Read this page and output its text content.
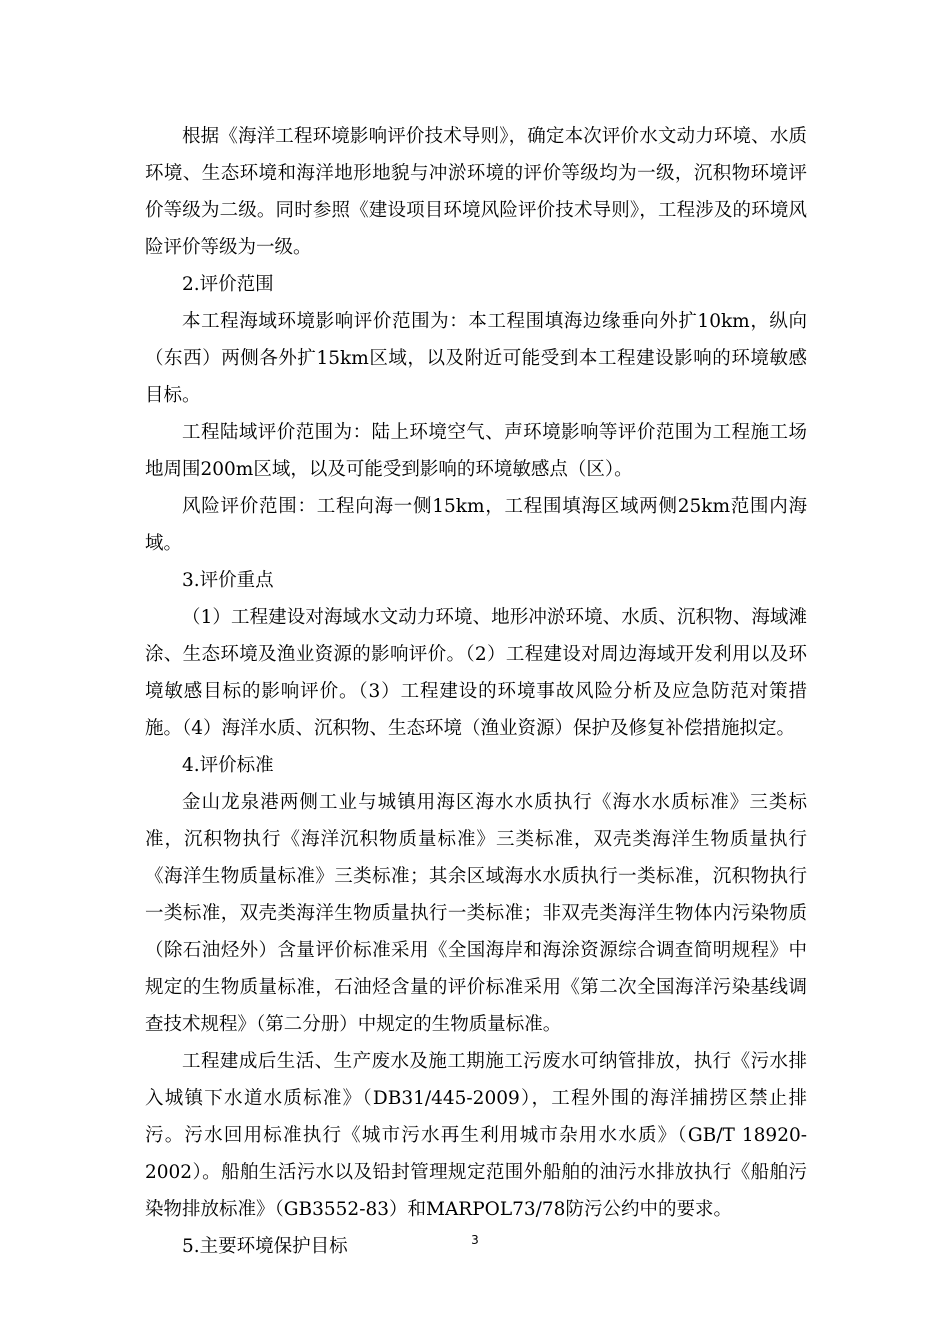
根据《海洋工程环境影响评价技术导则》，确定本次评价水文动力环境、水质环境、生态环境和海洋地形地貌与冲淤环境的评价等级均为一级，沉积物环境评价等级为二级。同时参照《建设项目环境风险评价技术导则》，工程涉及的环境风险评价等级为一级。

2.评价范围

本工程海域环境影响评价范围为：本工程围填海边缘垂向外扩10km，纵向（东西）两侧各外扩15km区域，以及附近可能受到本工程建设影响的环境敏感目标。

工程陆域评价范围为：陆上环境空气、声环境影响等评价范围为工程施工场地周围200m区域，以及可能受到影响的环境敏感点（区）。

风险评价范围：工程向海一侧15km，工程围填海区域两侧25km范围内海域。

3.评价重点

（1）工程建设对海域水文动力环境、地形冲淤环境、水质、沉积物、海域滩涂、生态环境及渔业资源的影响评价。（2）工程建设对周边海域开发利用以及环境敏感目标的影响评价。（3）工程建设的环境事故风险分析及应急防范对策措施。（4）海洋水质、沉积物、生态环境（渔业资源）保护及修复补偿措施拟定。

4.评价标准

金山龙泉港两侧工业与城镇用海区海水水质执行《海水水质标准》三类标准，沉积物执行《海洋沉积物质量标准》三类标准，双壳类海洋生物质量执行《海洋生物质量标准》三类标准；其余区域海水水质执行一类标准，沉积物执行一类标准，双壳类海洋生物质量执行一类标准；非双壳类海洋生物体内污染物质（除石油烃外）含量评价标准采用《全国海岸和海涂资源综合调查简明规程》中规定的生物质量标准，石油烃含量的评价标准采用《第二次全国海洋污染基线调查技术规程》（第二分册）中规定的生物质量标准。

工程建成后生活、生产废水及施工期施工污废水可纳管排放，执行《污水排入城镇下水道水质标准》（DB31/445-2009），工程外围的海洋捕捞区禁止排污。污水回用标准执行《城市污水再生利用城市杂用水水质》（GB/T 18920- 2002）。船舶生活污水以及铅封管理规定范围外船舶的油污水排放执行《船舶污染物排放标准》（GB3552-83）和MARPOL73/78防污公约中的要求。

5.主要环境保护目标	3
